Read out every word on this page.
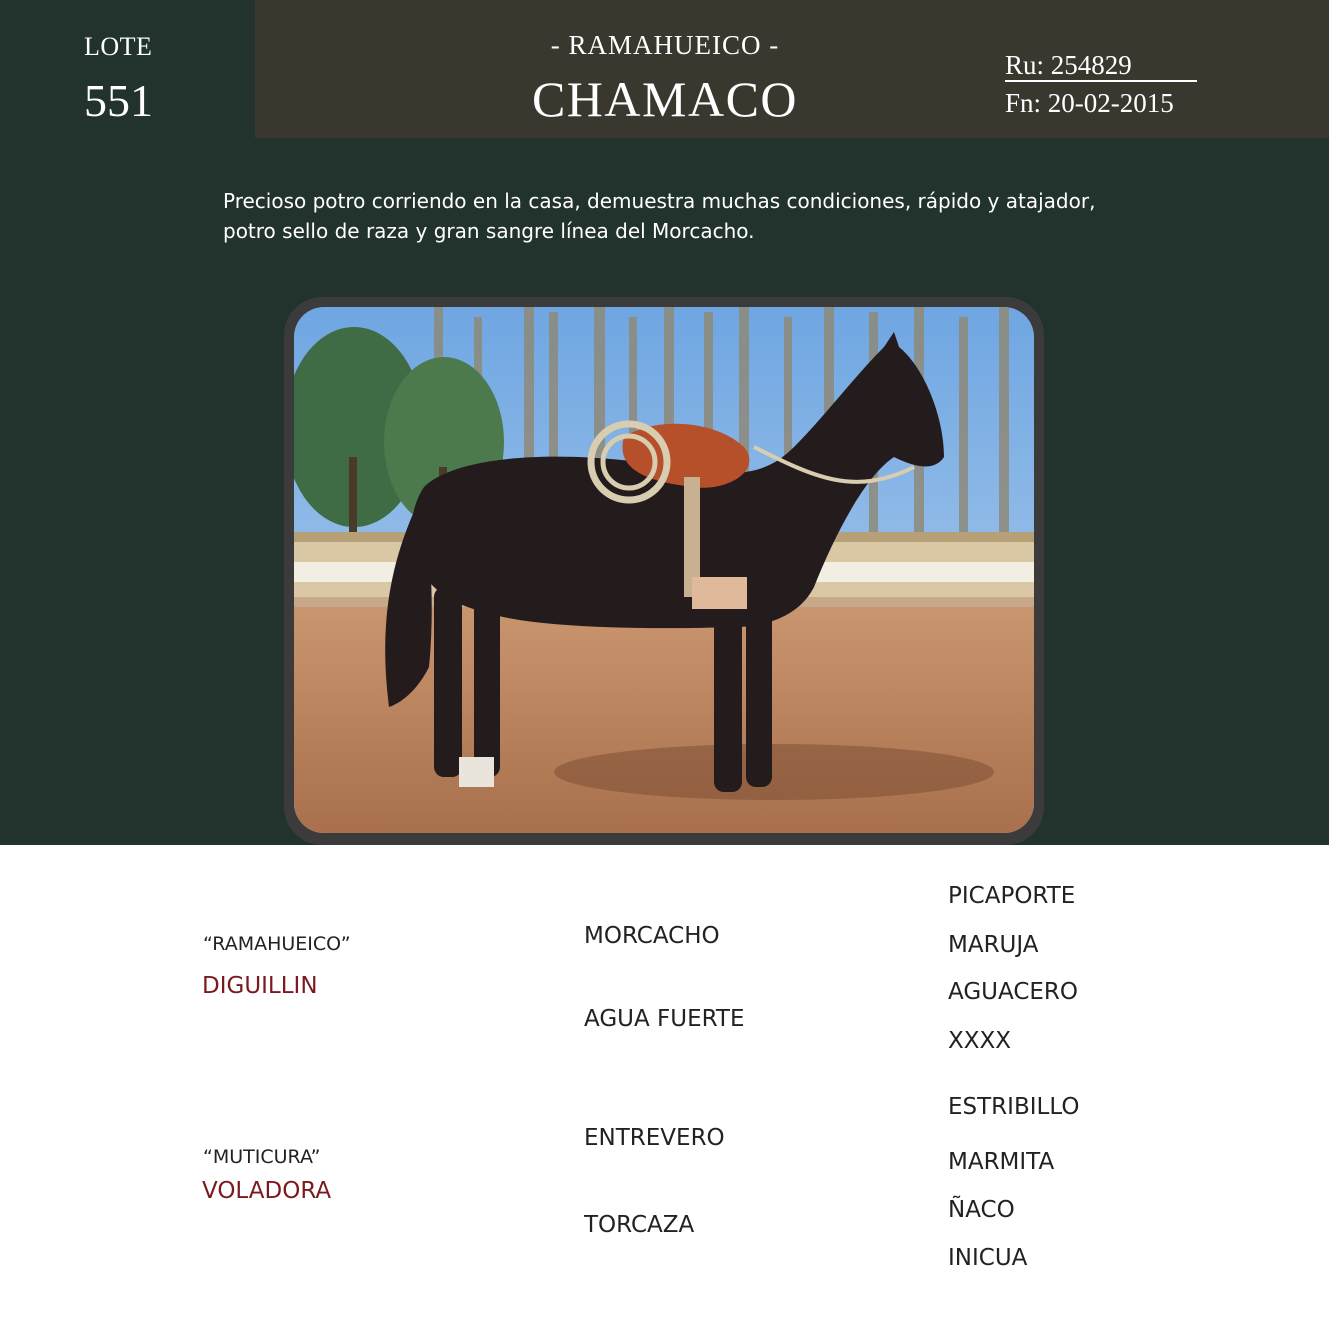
LOTE
551
- RAMAHUEICO -
CHAMACO
Ru: 254829
Fn: 20-02-2015
Precioso potro corriendo en la casa, demuestra muchas condiciones, rápido y atajador, potro sello de raza y gran sangre línea del Morcacho.
“RAMAHUEICO”
DIGUILLIN
“MUTICURA”
VOLADORA
MORCACHO
AGUA FUERTE
ENTREVERO
TORCAZA
PICAPORTE
MARUJA
AGUACERO
XXXX
ESTRIBILLO
MARMITA
ÑACO
INICUA
